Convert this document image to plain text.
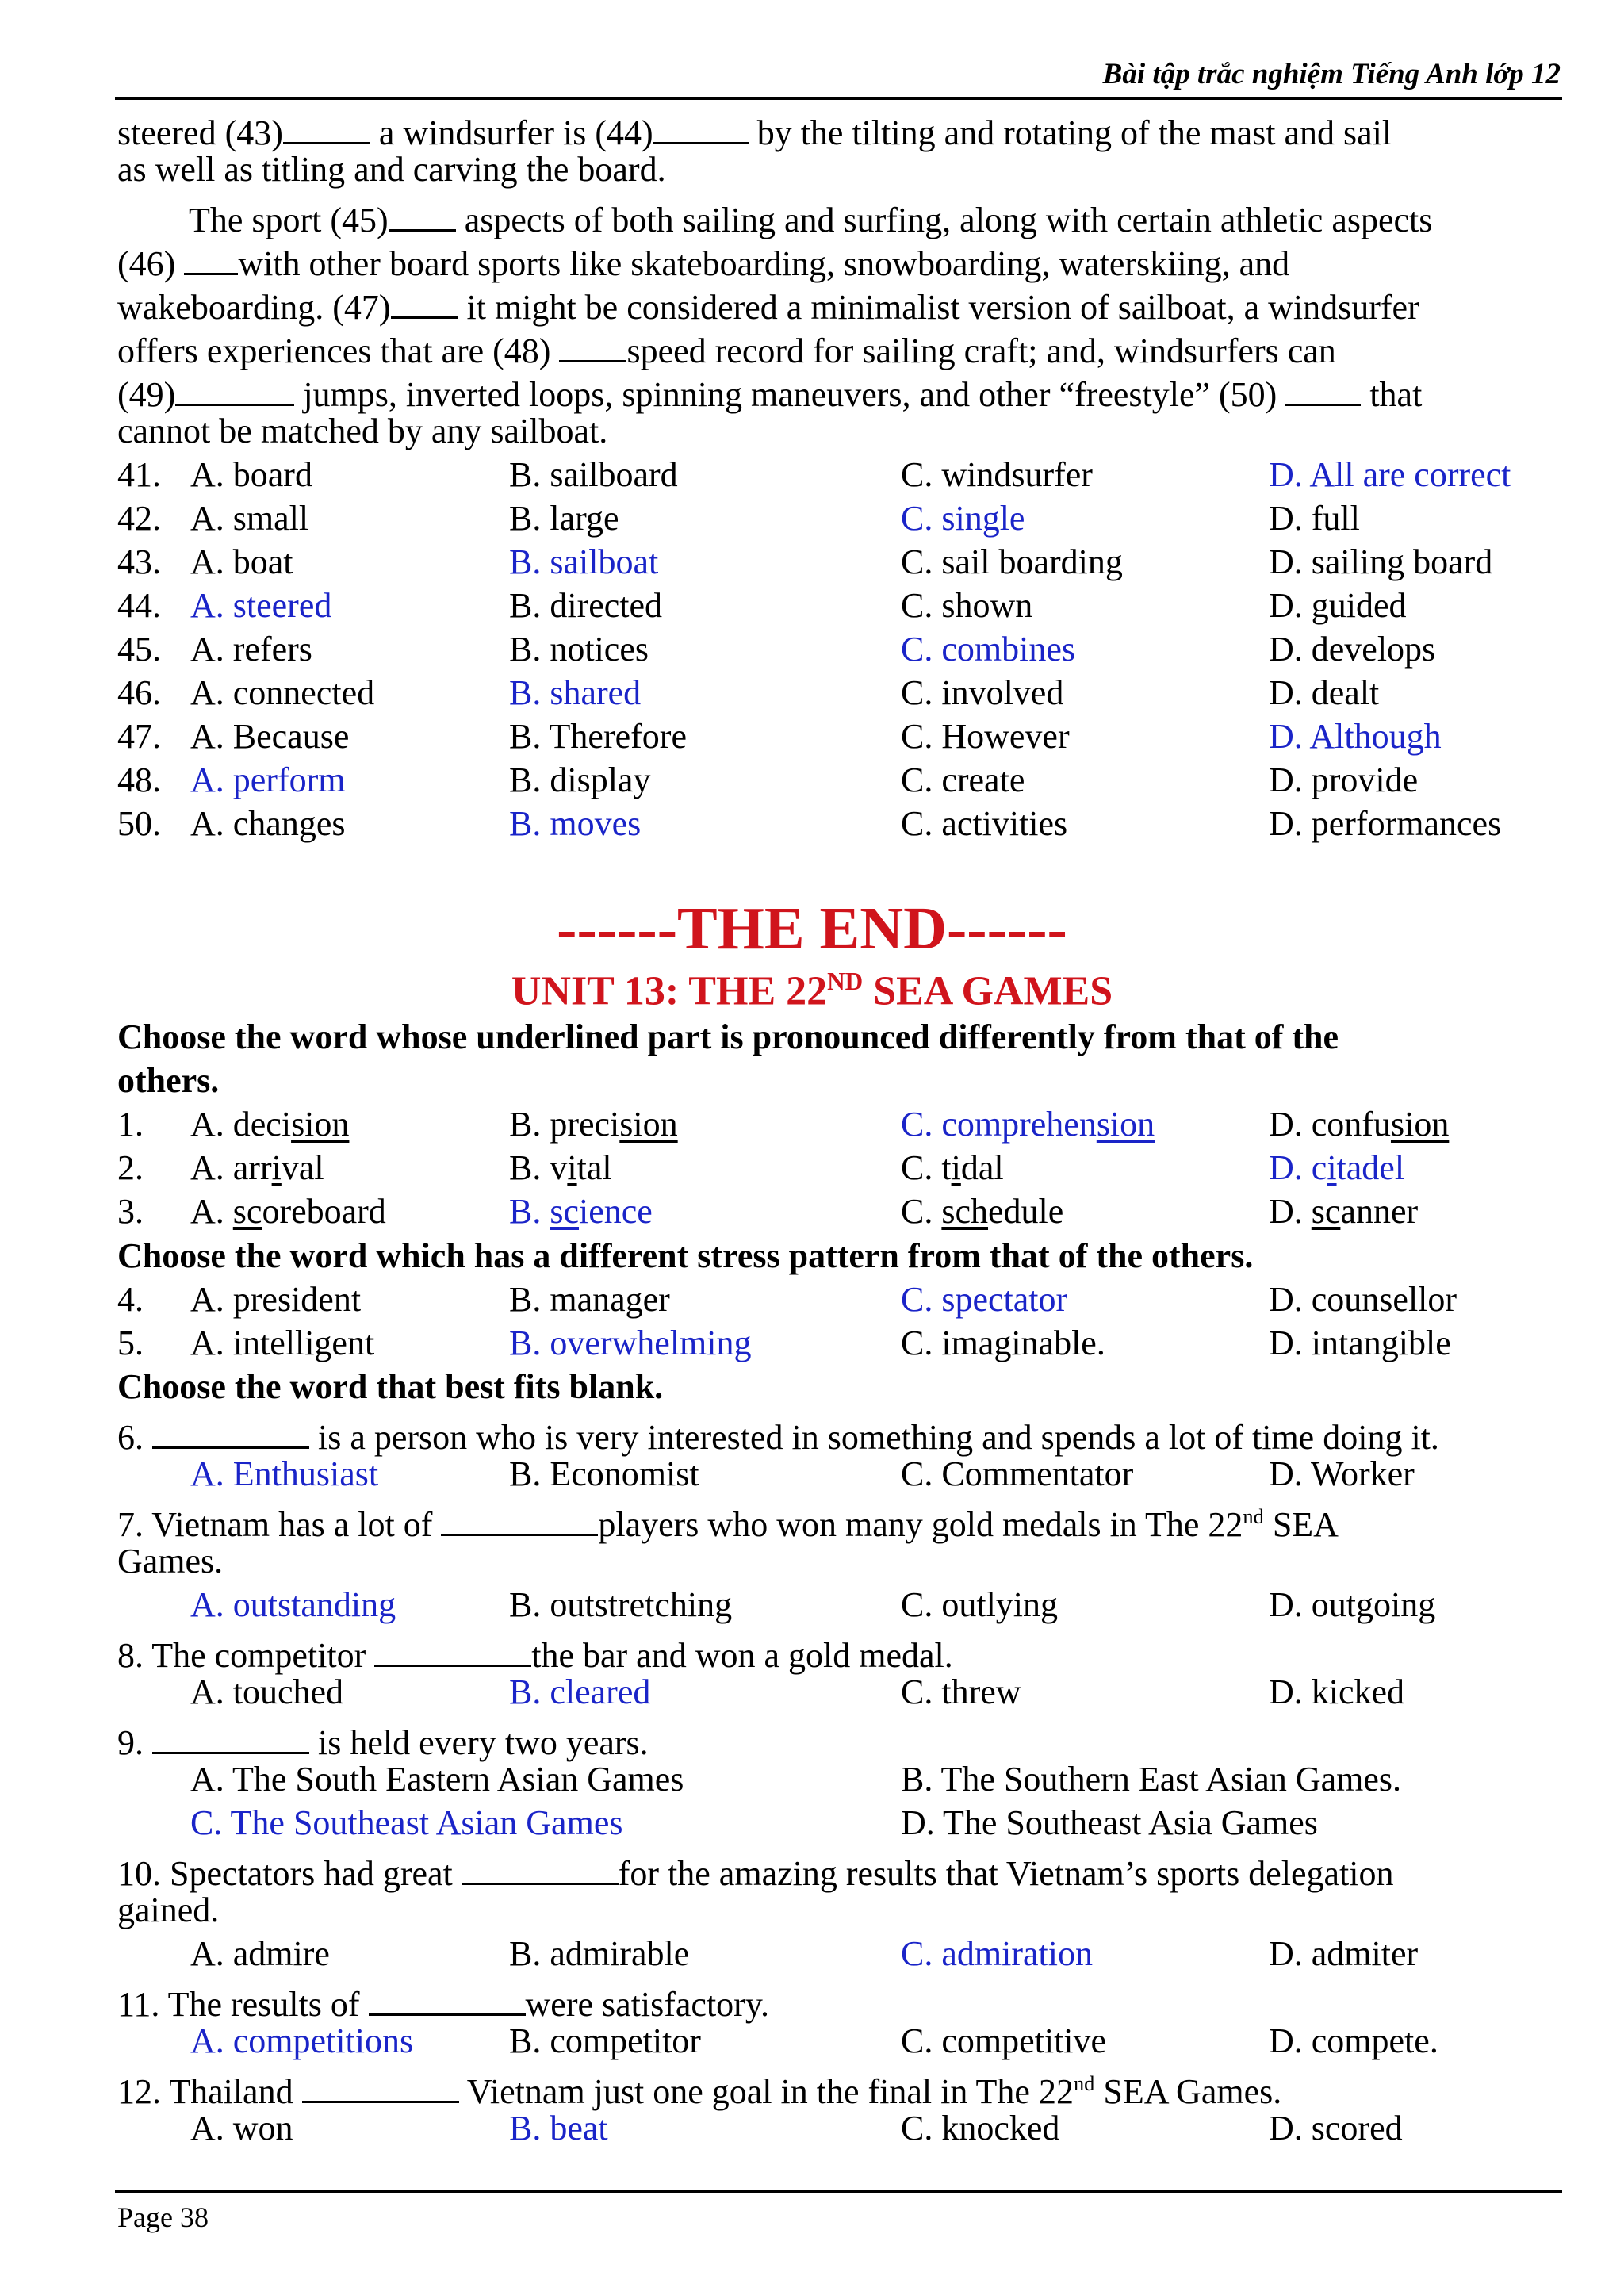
Bài tập trắc nghiệm Tiếng Anh lớp 12
steered (43)	a windsurfer is (44)	by the tilting and rotating of the mast and sail
as well as titling and carving the board.
The sport (45) aspects of both sailing and surfing, along with certain athletic aspects
(46) with other board sports like skateboarding, snowboarding, waterskiing, and
wakeboarding. (47) it might be considered a minimalist version of sailboat, a windsurfer
offers experiences that are (48) speed record for sailing craft; and, windsurfers can
(49)	jumps, inverted loops, spinning maneuvers, and other “freestyle” (50)  that
cannot be matched by any sailboat.
------THE END------
UNIT 13: THE 22ND SEA GAMES
Choose the word whose underlined part is pronounced differently from that of the
others.
Choose the word which has a different stress pattern from that of the others.
Choose the word that best fits blank.
6.	is a person who is very interested in something and spends a lot of time doing it.
7. Vietnam has a lot of	players who won many gold medals in The 22nd SEA
Games.
8. The competitor	the bar and won a gold medal.
9.	is held every two years.
10. Spectators had great	for the amazing results that Vietnam’s sports delegation
gained.
11. The results of	were satisfactory.
12. Thailand	Vietnam just one goal in the final in The 22nd SEA Games.
Page 38
41. A. board	B. sailboard	C. windsurfer	D. All are correct
42. A. small	B. large	C. single	D. full
43. A. boat	B. sailboat	C. sail boarding	D. sailing board
44. A. steered	B. directed	C. shown	D. guided
45. A. refers	B. notices	C. combines	D. develops
46. A. connected	B. shared	C. involved	D. dealt
47. A. Because	B. Therefore	C. However	D. Although
48. A. perform	B. display	C. create	D. provide
50. A. changes	B. moves	C. activities	D. performances
1. A. decision	B. precision	C. comprehension	D. confusion
2. A. arrival	B. vital	C. tidal	D. citadel
3. A. scoreboard	B. science	C. schedule	D. scanner
4. A. president	B. manager	C. spectator	D. counsellor
5. A. intelligent	B. overwhelming	C. imaginable.	D. intangible
A. Enthusiast	B. Economist	C. Commentator	D. Worker
A. outstanding	B. outstretching	C. outlying	D. outgoing
A. touched	B. cleared	C. threw	D. kicked
A. The South Eastern Asian Games	B. The Southern East Asian Games.
C. The Southeast Asian Games	D. The Southeast Asia Games
A. admire	B. admirable	C. admiration	D. admiter
A. competitions	B. competitor	C. competitive	D. compete.
A. won	B. beat	C. knocked	D. scored
